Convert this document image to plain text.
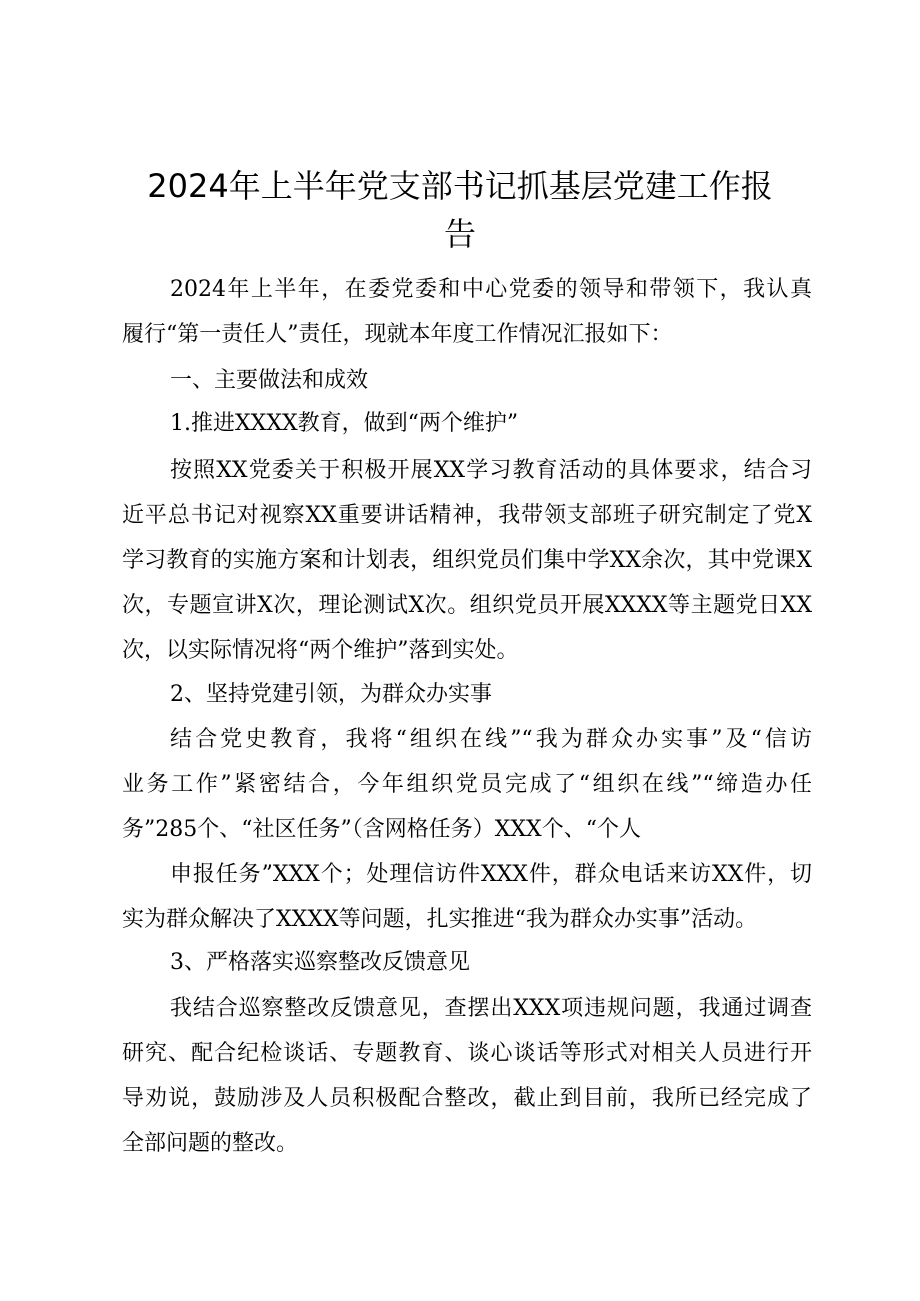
2024年上半年党支部书记抓基层党建工作报
告

2024年上半年，在委党委和中心党委的领导和带领下，我认真

履行“第一责任人”责任，现就本年度工作情况汇报如下：

一、主要做法和成效

1.推进XXXX教育，做到“两个维护”

按照XX党委关于积极开展XX学习教育活动的具体要求，结合习

近平总书记对视察XX重要讲话精神，我带领支部班子研究制定了党X

学习教育的实施方案和计划表，组织党员们集中学XX余次，其中党课X

次，专题宣讲X次，理论测试X次。组织党员开展XXXX等主题党日XX

次，以实际情况将“两个维护”落到实处。

2、坚持党建引领，为群众办实事

结合党史教育，我将“组织在线”“我为群众办实事”及“信访

业务工作”紧密结合，今年组织党员完成了“组织在线”“缔造办任

务”285个、“社区任务”（含网格任务）XXX个、“个人

申报任务”XXX个；处理信访件XXX件，群众电话来访XX件，切

实为群众解决了XXXX等问题，扎实推进“我为群众办实事”活动。

3、严格落实巡察整改反馈意见

我结合巡察整改反馈意见，查摆出XXX项违规问题，我通过调查

研究、配合纪检谈话、专题教育、谈心谈话等形式对相关人员进行开

导劝说，鼓励涉及人员积极配合整改，截止到目前，我所已经完成了

全部问题的整改。
